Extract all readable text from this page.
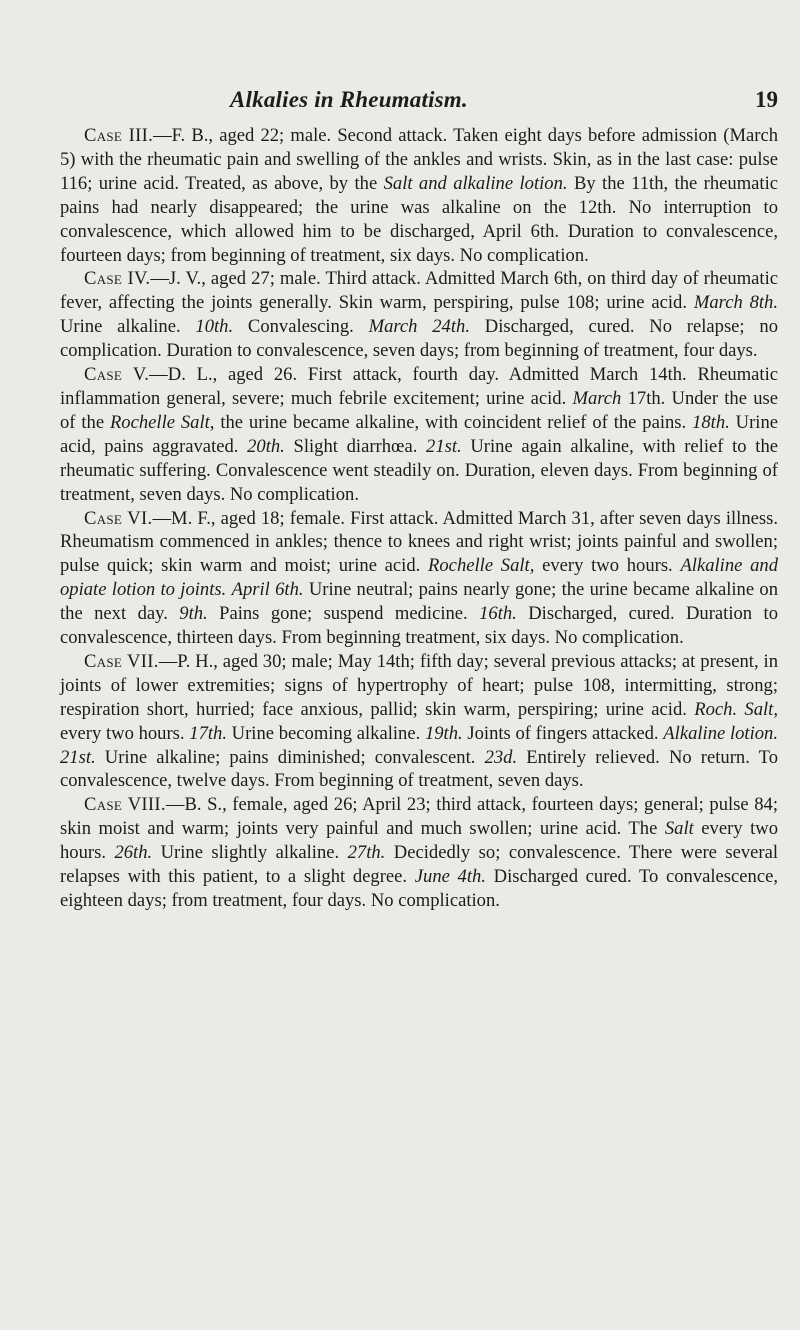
Alkalies in Rheumatism.	19

Case III.—F. B., aged 22; male. Second attack. Taken eight days before admission (March 5) with the rheumatic pain and swelling of the ankles and wrists. Skin, as in the last case: pulse 116; urine acid. Treated, as above, by the Salt and alkaline lotion. By the 11th, the rheumatic pains had nearly disappeared; the urine was alkaline on the 12th. No interruption to convalescence, which allowed him to be discharged, April 6th. Duration to convalescence, fourteen days; from beginning of treatment, six days. No complication.

Case IV.—J. V., aged 27; male. Third attack. Admitted March 6th, on third day of rheumatic fever, affecting the joints generally. Skin warm, perspiring, pulse 108; urine acid. March 8th. Urine alkaline. 10th. Convalescing. March 24th. Discharged, cured. No relapse; no complication. Duration to convalescence, seven days; from beginning of treatment, four days.

Case V.—D. L., aged 26. First attack, fourth day. Admitted March 14th. Rheumatic inflammation general, severe; much febrile excitement; urine acid. March 17th. Under the use of the Rochelle Salt, the urine became alkaline, with coincident relief of the pains. 18th. Urine acid, pains aggravated. 20th. Slight diarrhœa. 21st. Urine again alkaline, with relief to the rheumatic suffering. Convalescence went steadily on. Duration, eleven days. From beginning of treatment, seven days. No complication.

Case VI.—M. F., aged 18; female. First attack. Admitted March 31, after seven days illness. Rheumatism commenced in ankles; thence to knees and right wrist; joints painful and swollen; pulse quick; skin warm and moist; urine acid. Rochelle Salt, every two hours. Alkaline and opiate lotion to joints. April 6th. Urine neutral; pains nearly gone; the urine became alkaline on the next day. 9th. Pains gone; suspend medicine. 16th. Discharged, cured. Duration to convalescence, thirteen days. From beginning treatment, six days. No complication.

Case VII.—P. H., aged 30; male; May 14th; fifth day; several previous attacks; at present, in joints of lower extremities; signs of hypertrophy of heart; pulse 108, intermitting, strong; respiration short, hurried; face anxious, pallid; skin warm, perspiring; urine acid. Roch. Salt, every two hours. 17th. Urine becoming alkaline. 19th. Joints of fingers attacked. Alkaline lotion. 21st. Urine alkaline; pains diminished; convalescent. 23d. Entirely relieved. No return. To convalescence, twelve days. From beginning of treatment, seven days.

Case VIII.—B. S., female, aged 26; April 23; third attack, fourteen days; general; pulse 84; skin moist and warm; joints very painful and much swollen; urine acid. The Salt every two hours. 26th. Urine slightly alkaline. 27th. Decidedly so; convalescence. There were several relapses with this patient, to a slight degree. June 4th. Discharged cured. To convalescence, eighteen days; from treatment, four days. No complication.
